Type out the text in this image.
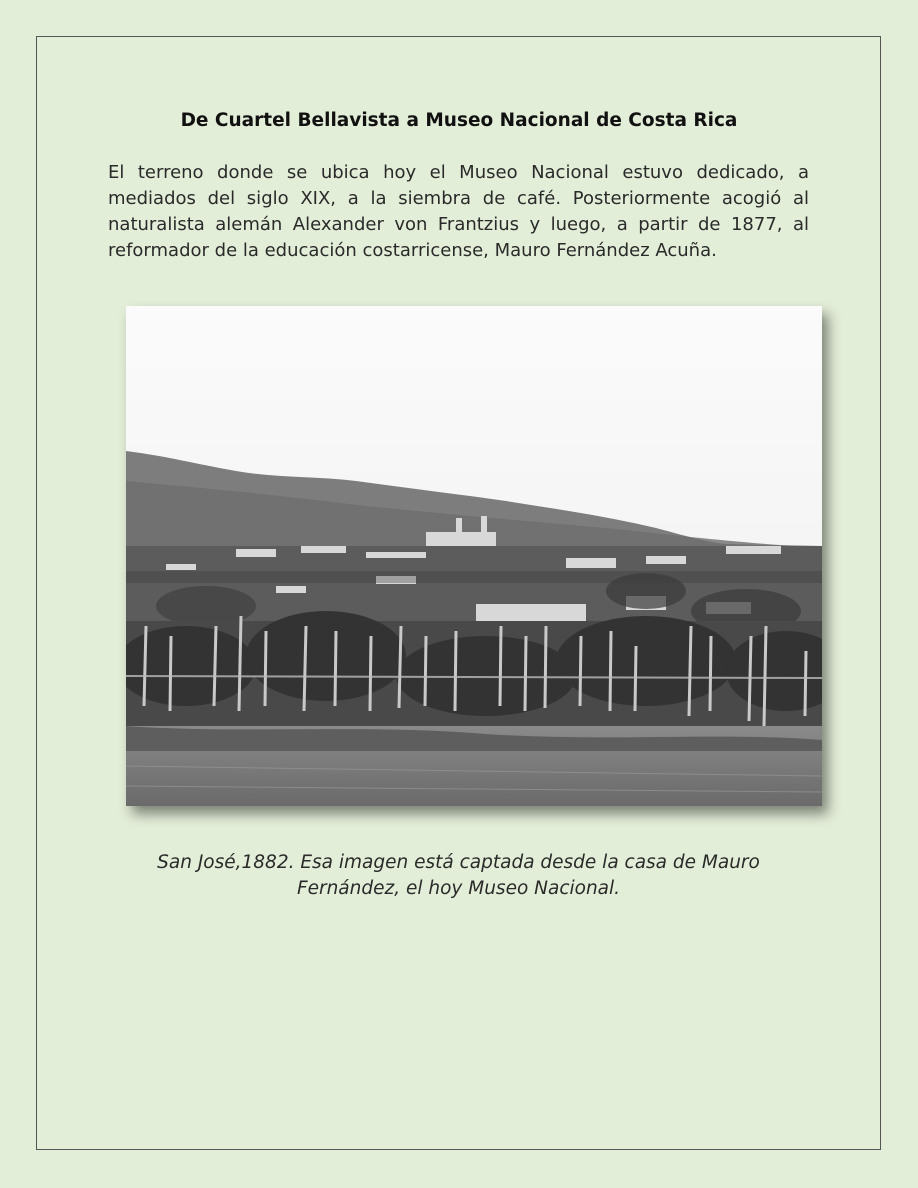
De Cuartel Bellavista a Museo Nacional de Costa Rica

El terreno donde se ubica hoy el Museo Nacional estuvo dedicado, a mediados del siglo XIX, a la siembra de café. Posteriormente acogió al naturalista alemán Alexander von Frantzius y luego, a partir de 1877, al reformador de la educación costarricense, Mauro Fernández Acuña.

San José,1882. Esa imagen está captada desde la casa de Mauro Fernández, el hoy Museo Nacional.
